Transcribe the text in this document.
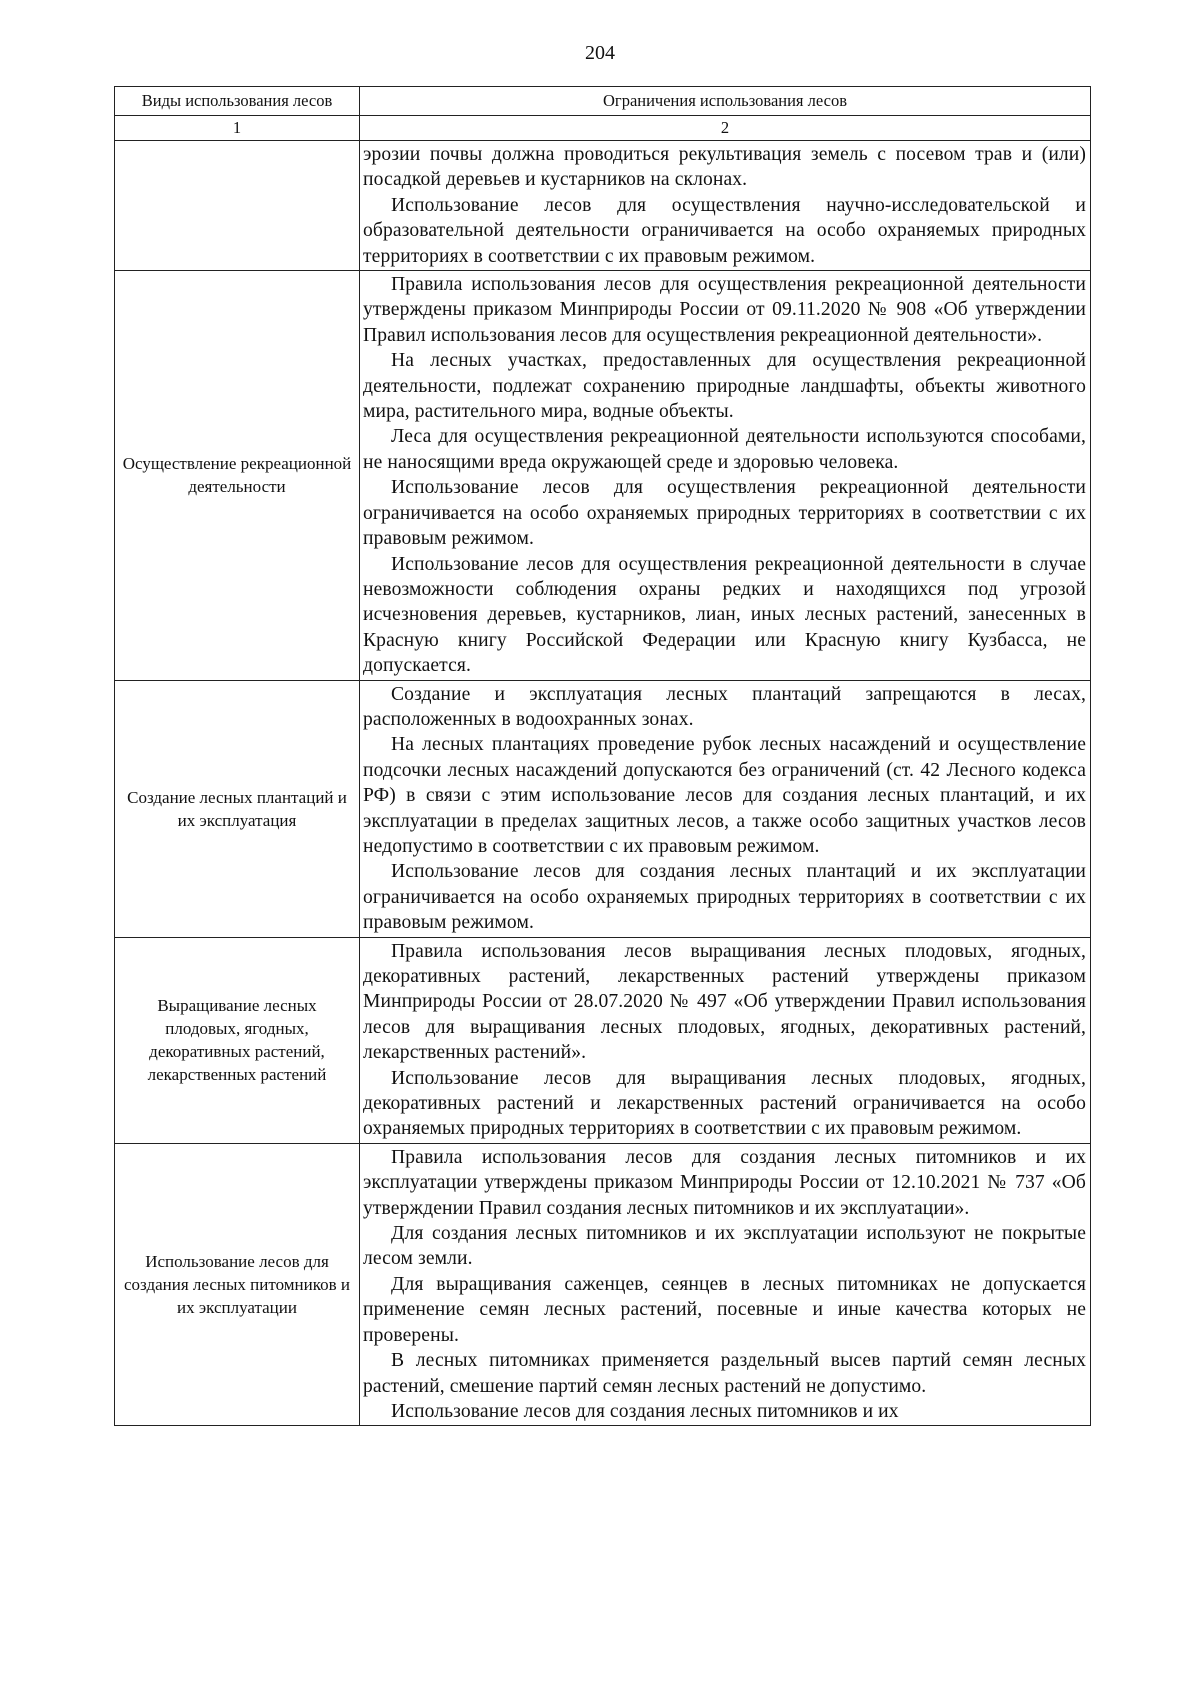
204
Виды использования лесов	Ограничения использования лесов
1	2

	эрозии почвы должна проводиться рекультивация земель с посевом трав и (или) посадкой деревьев и кустарников на склонах.

Использование лесов для осуществления научно-исследовательской и образовательной деятельности ограничивается на особо охраняемых природных территориях в соответствии с их правовым режимом.

Осуществление рекреационной деятельности	Правила использования лесов для осуществления рекреационной деятельности утверждены приказом Минприроды России от 09.11.2020 № 908 «Об утверждении Правил использования лесов для осуществления рекреационной деятельности».

На лесных участках, предоставленных для осуществления рекреационной деятельности, подлежат сохранению природные ландшафты, объекты животного мира, растительного мира, водные объекты.

Леса для осуществления рекреационной деятельности используются способами, не наносящими вреда окружающей среде и здоровью человека.

Использование лесов для осуществления рекреационной деятельности ограничивается на особо охраняемых природных территориях в соответствии с их правовым режимом.

Использование лесов для осуществления рекреационной деятельности в случае невозможности соблюдения охраны редких и находящихся под угрозой исчезновения деревьев, кустарников, лиан, иных лесных растений, занесенных в Красную книгу Российской Федерации или Красную книгу Кузбасса, не допускается.

Создание лесных плантаций и их эксплуатация	Создание и эксплуатация лесных плантаций запрещаются в лесах, расположенных в водоохранных зонах.

На лесных плантациях проведение рубок лесных насаждений и осуществление подсочки лесных насаждений допускаются без ограничений (ст. 42 Лесного кодекса РФ) в связи с этим использование лесов для создания лесных плантаций, и их эксплуатации в пределах защитных лесов, а также особо защитных участков лесов недопустимо в соответствии с их правовым режимом.

Использование лесов для создания лесных плантаций и их эксплуатации ограничивается на особо охраняемых природных территориях в соответствии с их правовым режимом.

Выращивание лесных плодовых, ягодных, декоративных растений, лекарственных растений	Правила использования лесов выращивания лесных плодовых, ягодных, декоративных растений, лекарственных растений утверждены приказом Минприроды России от 28.07.2020 № 497 «Об утверждении Правил использования лесов для выращивания лесных плодовых, ягодных, декоративных растений, лекарственных растений».

Использование лесов для выращивания лесных плодовых, ягодных, декоративных растений и лекарственных растений ограничивается на особо охраняемых природных территориях в соответствии с их правовым режимом.

Использование лесов для создания лесных питомников и их эксплуатации	Правила использования лесов для создания лесных питомников и их эксплуатации утверждены приказом Минприроды России от 12.10.2021 № 737 «Об утверждении Правил создания лесных питомников и их эксплуатации».

Для создания лесных питомников и их эксплуатации используют не покрытые лесом земли.

Для выращивания саженцев, сеянцев в лесных питомниках не допускается применение семян лесных растений, посевные и иные качества которых не проверены.

В лесных питомниках применяется раздельный высев партий семян лесных растений, смешение партий семян лесных растений не допустимо.

Использование лесов для создания лесных питомников и их
